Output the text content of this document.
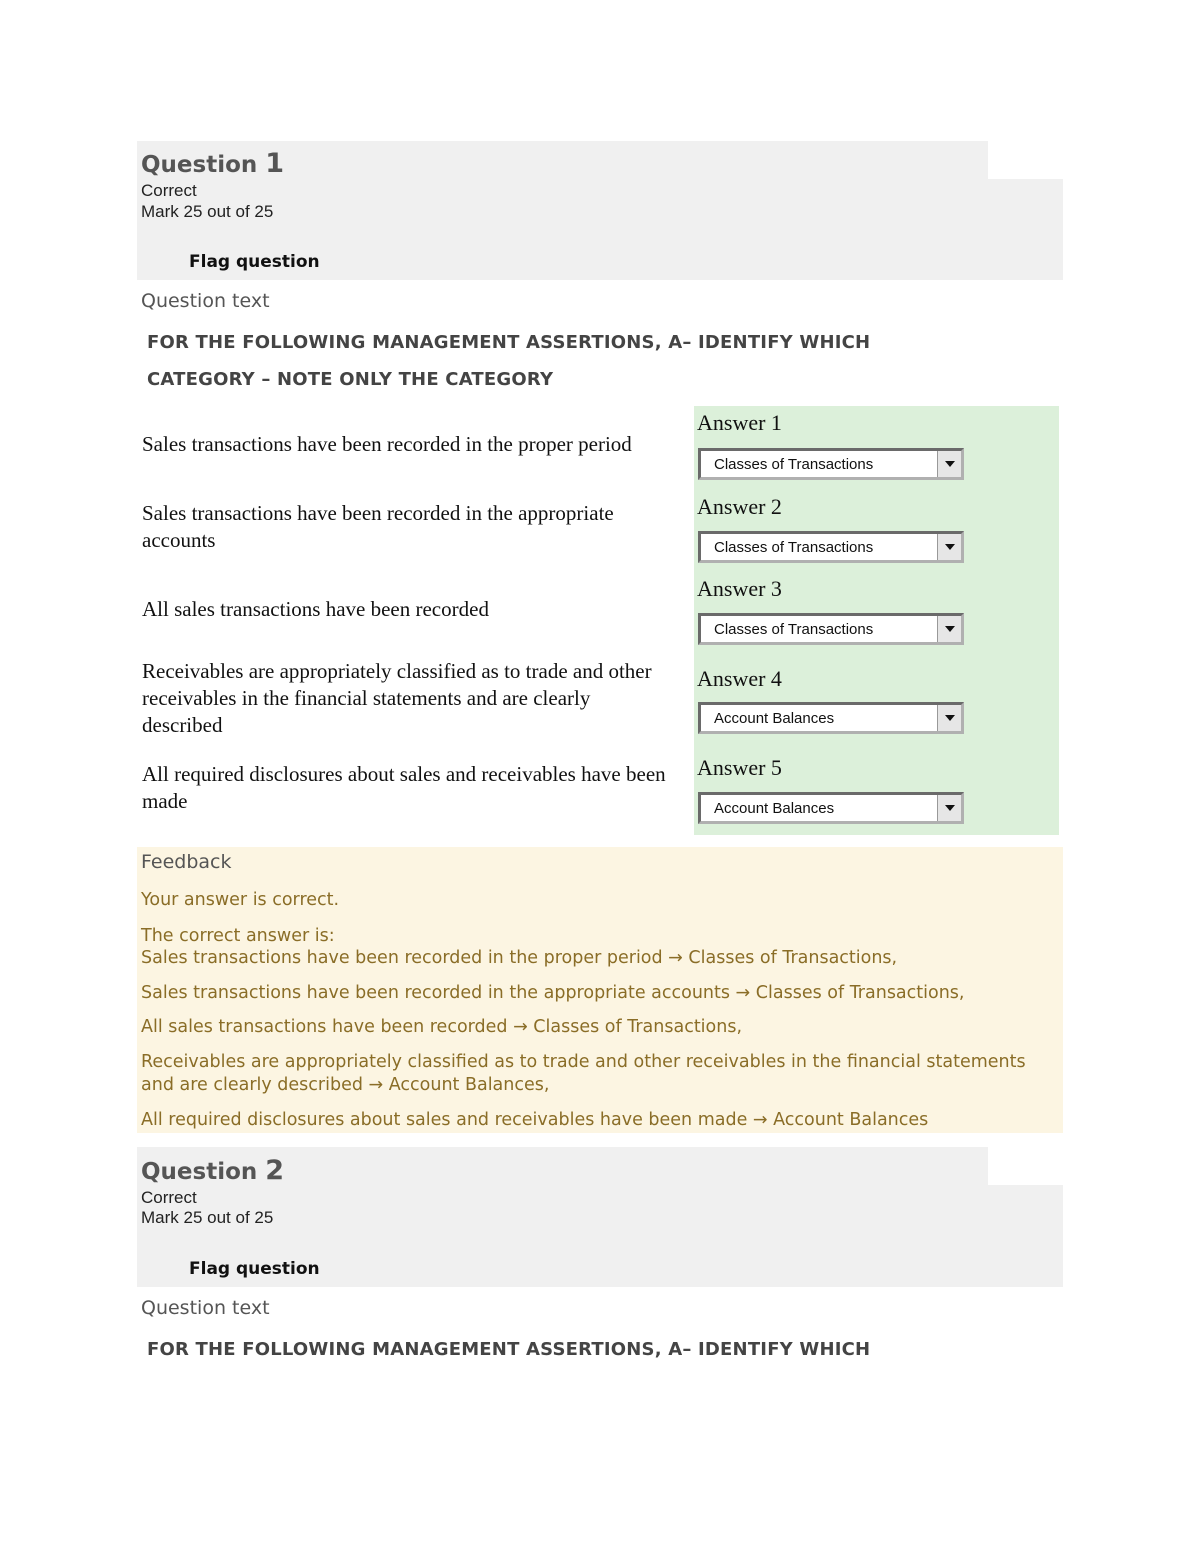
Question 1
Correct
Mark 25 out of 25
Flag question
Question text
FOR THE FOLLOWING MANAGEMENT ASSERTIONS, A– IDENTIFY WHICH
CATEGORY – NOTE ONLY THE CATEGORY
Sales transactions have been recorded in the proper period
Answer 1
Classes of Transactions
Sales transactions have been recorded in the appropriate accounts
Answer 2
Classes of Transactions
All sales transactions have been recorded
Answer 3
Classes of Transactions
Receivables are appropriately classified as to trade and other receivables in the financial statements and are clearly described
Answer 4
Account Balances
All required disclosures about sales and receivables have been made
Answer 5
Account Balances
Feedback
Your answer is correct.
The correct answer is:
Sales transactions have been recorded in the proper period → Classes of Transactions,
Sales transactions have been recorded in the appropriate accounts → Classes of Transactions,
All sales transactions have been recorded → Classes of Transactions,
Receivables are appropriately classified as to trade and other receivables in the financial statements and are clearly described → Account Balances,
All required disclosures about sales and receivables have been made → Account Balances
Question 2
Correct
Mark 25 out of 25
Flag question
Question text
FOR THE FOLLOWING MANAGEMENT ASSERTIONS, A– IDENTIFY WHICH
